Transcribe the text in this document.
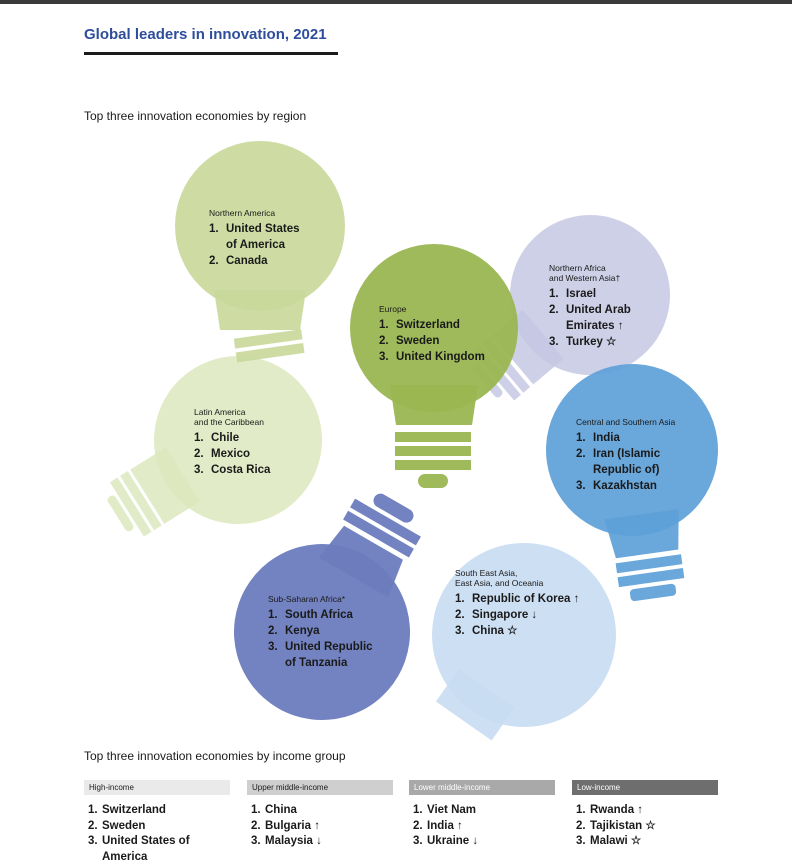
Global leaders in innovation, 2021
Top three innovation economies by region
Northern America
1. United States
of America
2. Canada
Europe
1. Switzerland
2. Sweden
3. United Kingdom
Latin America
and the Caribbean
1. Chile
2. Mexico
3. Costa Rica
Northern Africa
and Western Asia†
1. Israel
2. United Arab
Emirates ↑
3. Turkey ☆
Central and Southern Asia
1. India
2. Iran (Islamic
Republic of)
3. Kazakhstan
South East Asia,
East Asia, and Oceania
1. Republic of Korea ↑
2. Singapore ↓
3. China ☆
Sub-Saharan Africa*
1. South Africa
2. Kenya
3. United Republic
of Tanzania
Top three innovation economies by income group
High-income
1. Switzerland
2. Sweden
3. United States of
America
Upper middle-income
1. China
2. Bulgaria ↑
3. Malaysia ↓
Lower middle-income
1. Viet Nam
2. India ↑
3. Ukraine ↓
Low-income
1. Rwanda ↑
2. Tajikistan ☆
3. Malawi ☆
